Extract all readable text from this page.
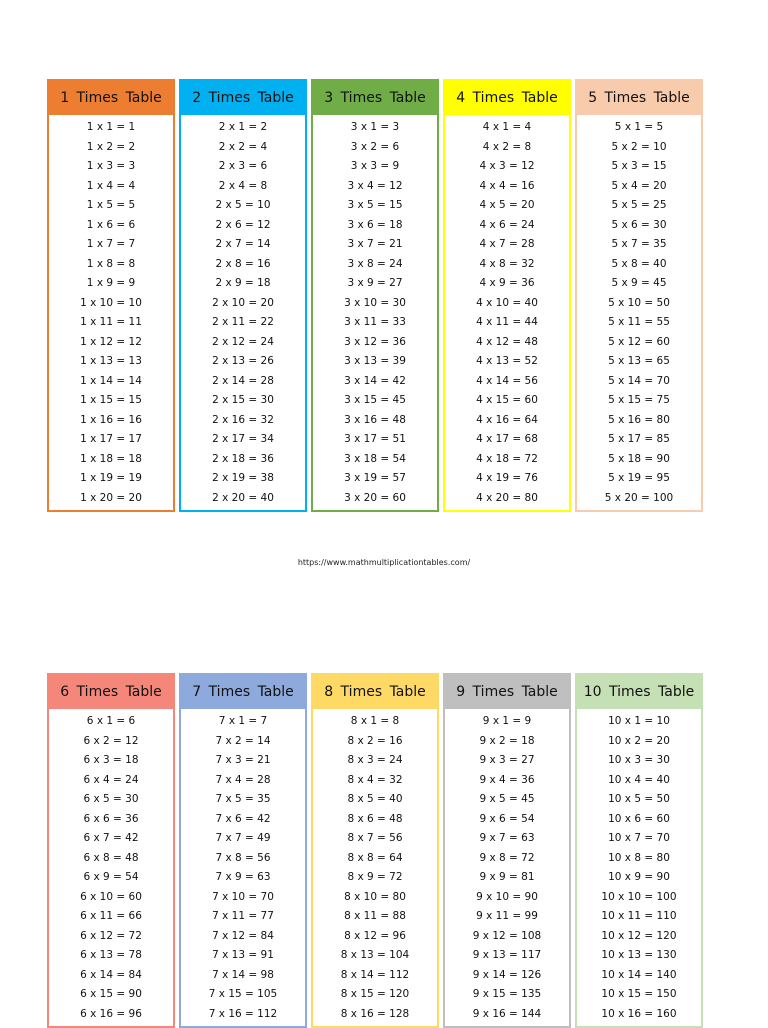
1 Times Table
1 x 1 = 1
1 x 2 = 2
1 x 3 = 3
1 x 4 = 4
1 x 5 = 5
1 x 6 = 6
1 x 7 = 7
1 x 8 = 8
1 x 9 = 9
1 x 10 = 10
1 x 11 = 11
1 x 12 = 12
1 x 13 = 13
1 x 14 = 14
1 x 15 = 15
1 x 16 = 16
1 x 17 = 17
1 x 18 = 18
1 x 19 = 19
1 x 20 = 20
2 Times Table
2 x 1 = 2
2 x 2 = 4
2 x 3 = 6
2 x 4 = 8
2 x 5 = 10
2 x 6 = 12
2 x 7 = 14
2 x 8 = 16
2 x 9 = 18
2 x 10 = 20
2 x 11 = 22
2 x 12 = 24
2 x 13 = 26
2 x 14 = 28
2 x 15 = 30
2 x 16 = 32
2 x 17 = 34
2 x 18 = 36
2 x 19 = 38
2 x 20 = 40
3 Times Table
3 x 1 = 3
3 x 2 = 6
3 x 3 = 9
3 x 4 = 12
3 x 5 = 15
3 x 6 = 18
3 x 7 = 21
3 x 8 = 24
3 x 9 = 27
3 x 10 = 30
3 x 11 = 33
3 x 12 = 36
3 x 13 = 39
3 x 14 = 42
3 x 15 = 45
3 x 16 = 48
3 x 17 = 51
3 x 18 = 54
3 x 19 = 57
3 x 20 = 60
4 Times Table
4 x 1 = 4
4 x 2 = 8
4 x 3 = 12
4 x 4 = 16
4 x 5 = 20
4 x 6 = 24
4 x 7 = 28
4 x 8 = 32
4 x 9 = 36
4 x 10 = 40
4 x 11 = 44
4 x 12 = 48
4 x 13 = 52
4 x 14 = 56
4 x 15 = 60
4 x 16 = 64
4 x 17 = 68
4 x 18 = 72
4 x 19 = 76
4 x 20 = 80
5 Times Table
5 x 1 = 5
5 x 2 = 10
5 x 3 = 15
5 x 4 = 20
5 x 5 = 25
5 x 6 = 30
5 x 7 = 35
5 x 8 = 40
5 x 9 = 45
5 x 10 = 50
5 x 11 = 55
5 x 12 = 60
5 x 13 = 65
5 x 14 = 70
5 x 15 = 75
5 x 16 = 80
5 x 17 = 85
5 x 18 = 90
5 x 19 = 95
5 x 20 = 100
https://www.mathmultiplicationtables.com/
6 Times Table
6 x 1 = 6
6 x 2 = 12
6 x 3 = 18
6 x 4 = 24
6 x 5 = 30
6 x 6 = 36
6 x 7 = 42
6 x 8 = 48
6 x 9 = 54
6 x 10 = 60
6 x 11 = 66
6 x 12 = 72
6 x 13 = 78
6 x 14 = 84
6 x 15 = 90
6 x 16 = 96
7 Times Table
7 x 1 = 7
7 x 2 = 14
7 x 3 = 21
7 x 4 = 28
7 x 5 = 35
7 x 6 = 42
7 x 7 = 49
7 x 8 = 56
7 x 9 = 63
7 x 10 = 70
7 x 11 = 77
7 x 12 = 84
7 x 13 = 91
7 x 14 = 98
7 x 15 = 105
7 x 16 = 112
8 Times Table
8 x 1 = 8
8 x 2 = 16
8 x 3 = 24
8 x 4 = 32
8 x 5 = 40
8 x 6 = 48
8 x 7 = 56
8 x 8 = 64
8 x 9 = 72
8 x 10 = 80
8 x 11 = 88
8 x 12 = 96
8 x 13 = 104
8 x 14 = 112
8 x 15 = 120
8 x 16 = 128
9 Times Table
9 x 1 = 9
9 x 2 = 18
9 x 3 = 27
9 x 4 = 36
9 x 5 = 45
9 x 6 = 54
9 x 7 = 63
9 x 8 = 72
9 x 9 = 81
9 x 10 = 90
9 x 11 = 99
9 x 12 = 108
9 x 13 = 117
9 x 14 = 126
9 x 15 = 135
9 x 16 = 144
10 Times Table
10 x 1 = 10
10 x 2 = 20
10 x 3 = 30
10 x 4 = 40
10 x 5 = 50
10 x 6 = 60
10 x 7 = 70
10 x 8 = 80
10 x 9 = 90
10 x 10 = 100
10 x 11 = 110
10 x 12 = 120
10 x 13 = 130
10 x 14 = 140
10 x 15 = 150
10 x 16 = 160
